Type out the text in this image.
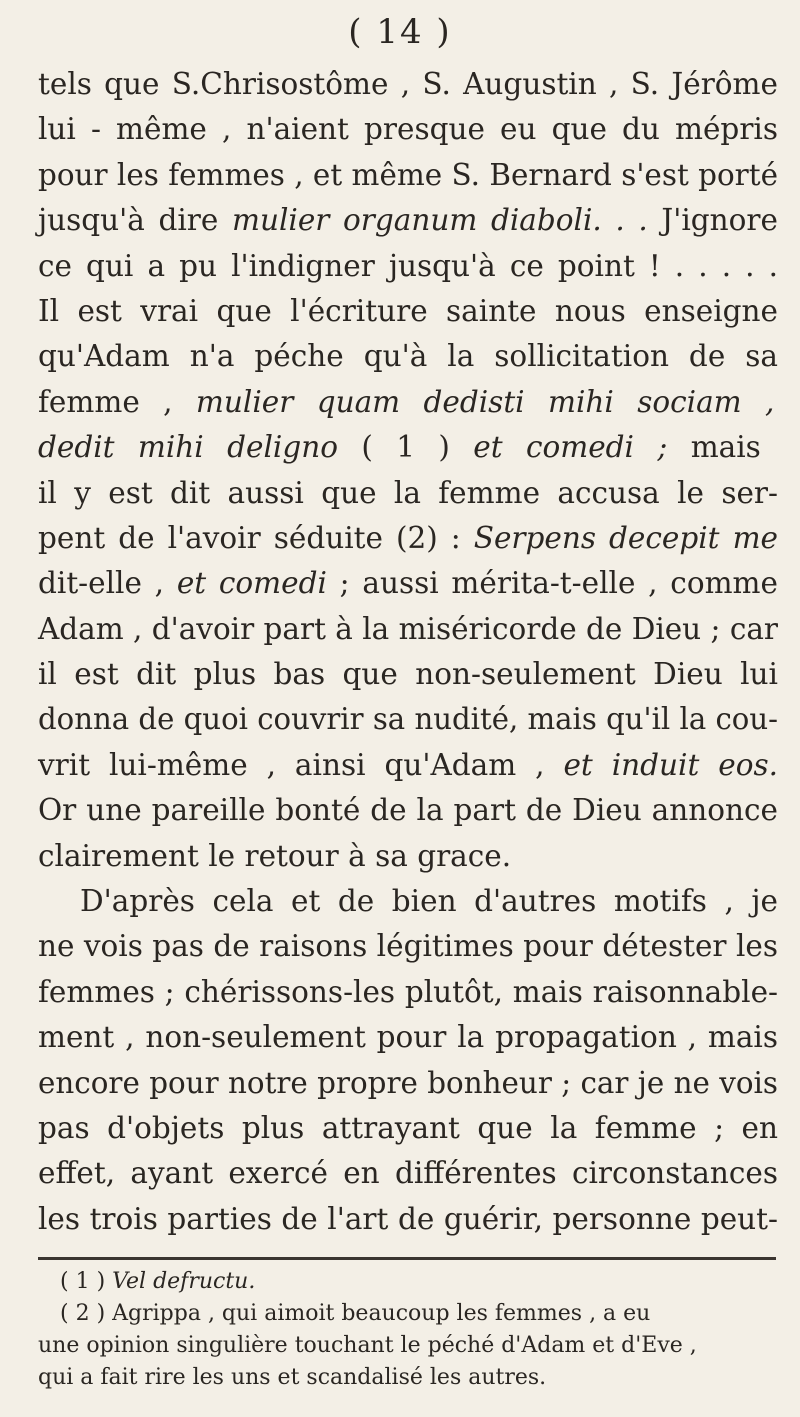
( 14 )
tels que S.Chrisostôme , S. Augustin , S. Jérôme
lui - même , n'aient presque eu que du mépris
pour les femmes , et même S. Bernard s'est porté
jusqu'à dire mulier organum diaboli. . . J'ignore
ce qui a pu l'indigner jusqu'à ce point ! . . . . .
Il est vrai que l'écriture sainte nous enseigne
qu'Adam n'a péche qu'à la sollicitation de sa
femme , mulier quam dedisti mihi sociam ,
dedit mihi deligno ( 1 ) et comedi ; mais
il y est dit aussi que la femme accusa le ser-
pent de l'avoir séduite (2) : Serpens decepit me
dit-elle , et comedi ; aussi mérita-t-elle , comme
Adam , d'avoir part à la miséricorde de Dieu ; car
il est dit plus bas que non-seulement Dieu lui
donna de quoi couvrir sa nudité, mais qu'il la cou-
vrit lui-même , ainsi qu'Adam , et induit eos.
Or une pareille bonté de la part de Dieu annonce
clairement le retour à sa grace.
D'après cela et de bien d'autres motifs , je
ne vois pas de raisons légitimes pour détester les
femmes ; chérissons-les plutôt, mais raisonnable-
ment , non-seulement pour la propagation , mais
encore pour notre propre bonheur ; car je ne vois
pas d'objets plus attrayant que la femme ; en
effet, ayant exercé en différentes circonstances
les trois parties de l'art de guérir, personne peut-
( 1 ) Vel defructu.
( 2 ) Agrippa , qui aimoit beaucoup les femmes , a eu
une opinion singulière touchant le péché d'Adam et d'Eve ,
qui a fait rire les uns et scandalisé les autres.
